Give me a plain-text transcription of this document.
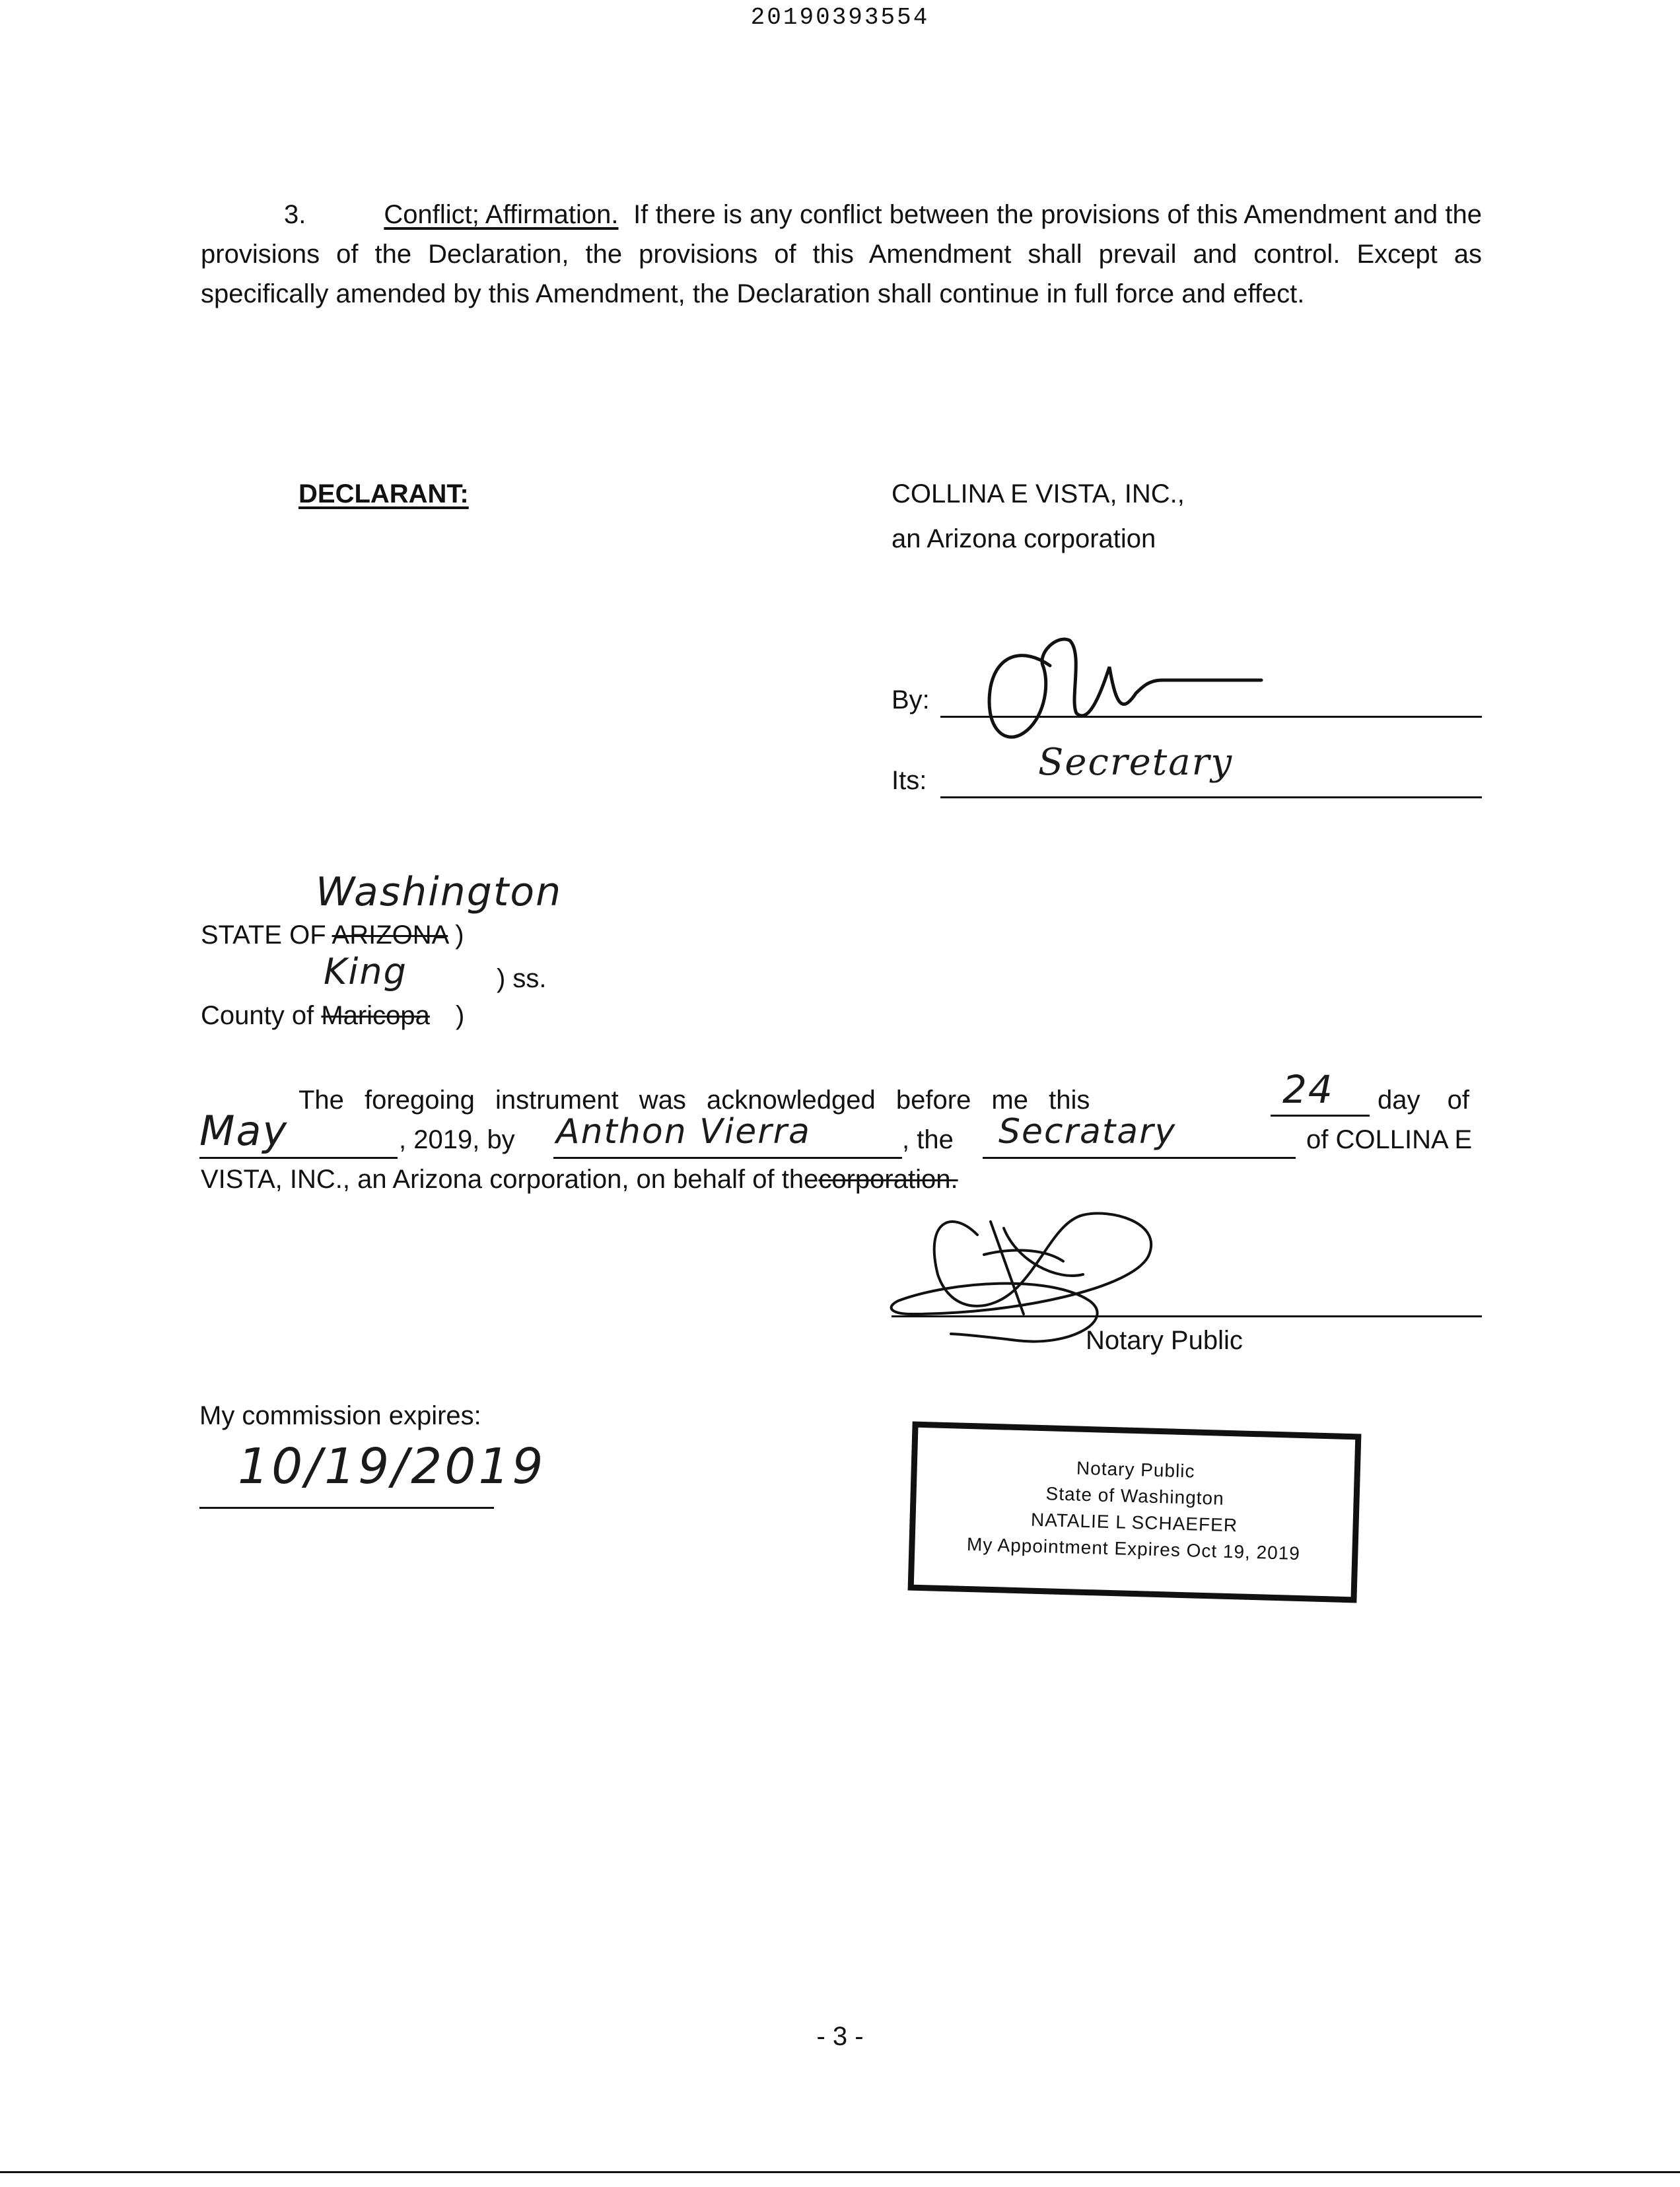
20190393554
3.	Conflict; Affirmation. If there is any conflict between the provisions of this Amendment and the provisions of the Declaration, the provisions of this Amendment shall prevail and control. Except as specifically amended by this Amendment, the Declaration shall continue in full force and effect.
DECLARANT:	COLLINA E VISTA, INC.,
an Arizona corporation
By:
Its:	Secretary
Washington
STATE OF ARIZONA )
King	) ss.
County of Maricopa )
The foregoing instrument was acknowledged before me this	24 day of
May	, 2019, by Anthon Vierra	, the Secratary	of COLLINA E
VISTA, INC., an Arizona corporation, on behalf of thecorporation.
Notary Public
My commission expires:
10/19/2019	Notary Public
State of Washington
NATALIE L SCHAEFER
My Appointment Expires Oct 19, 2019
- 3 -
